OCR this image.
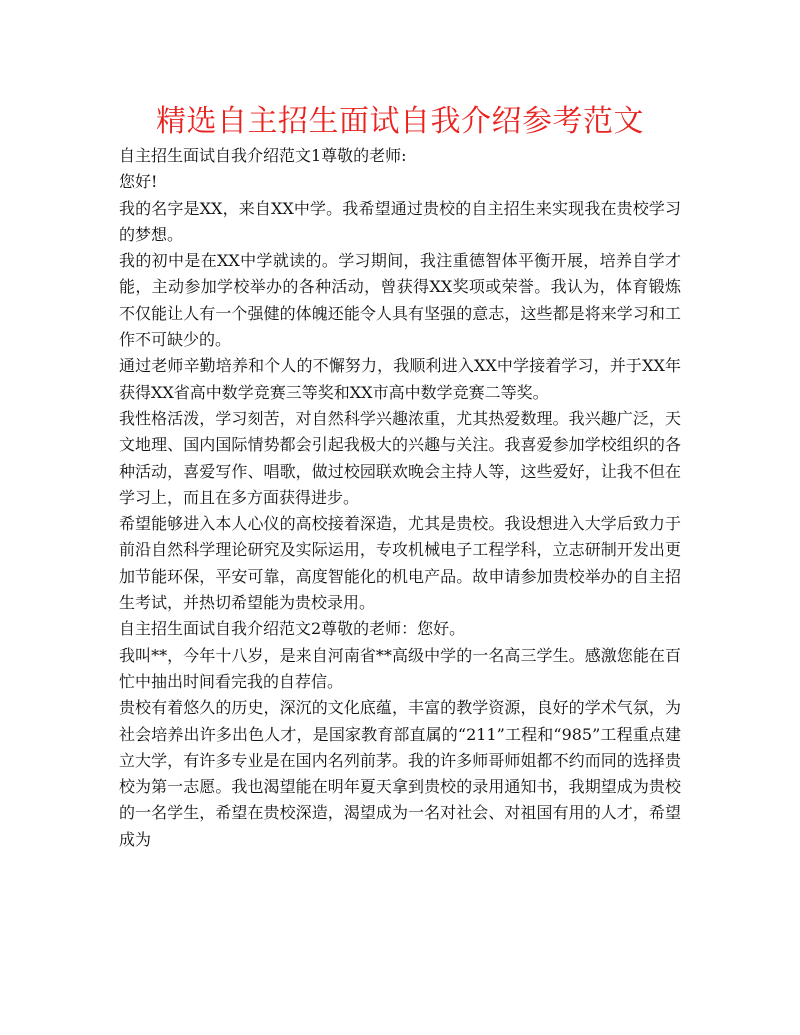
精选自主招生面试自我介绍参考范文

自主招生面试自我介绍范文1尊敬的老师:

您好!

我的名字是XX，来自XX中学。我希望通过贵校的自主招生来实现我在贵校学习的梦想。

我的初中是在XX中学就读的。学习期间，我注重德智体平衡开展，培养自学才能，主动参加学校举办的各种活动，曾获得XX奖项或荣誉。我认为，体育锻炼不仅能让人有一个强健的体魄还能令人具有坚强的意志，这些都是将来学习和工作不可缺少的。

通过老师辛勤培养和个人的不懈努力，我顺利进入XX中学接着学习，并于XX年获得XX省高中数学竞赛三等奖和XX市高中数学竞赛二等奖。

我性格活泼，学习刻苦，对自然科学兴趣浓重，尤其热爱数理。我兴趣广泛，天文地理、国内国际情势都会引起我极大的兴趣与关注。我喜爱参加学校组织的各种活动，喜爱写作、唱歌，做过校园联欢晚会主持人等，这些爱好，让我不但在学习上，而且在多方面获得进步。

希望能够进入本人心仪的高校接着深造，尤其是贵校。我设想进入大学后致力于前沿自然科学理论研究及实际运用，专攻机械电子工程学科，立志研制开发出更加节能环保，平安可靠，高度智能化的机电产品。故申请参加贵校举办的自主招生考试，并热切希望能为贵校录用。

自主招生面试自我介绍范文2尊敬的老师：您好。

我叫**，今年十八岁，是来自河南省**高级中学的一名高三学生。感激您能在百忙中抽出时间看完我的自荐信。

贵校有着悠久的历史，深沉的文化底蕴，丰富的教学资源，良好的学术气氛，为社会培养出许多出色人才，是国家教育部直属的“211”工程和“985”工程重点建立大学，有许多专业是在国内名列前茅。我的许多师哥师姐都不约而同的选择贵校为第一志愿。我也渴望能在明年夏天拿到贵校的录用通知书，我期望成为贵校的一名学生，希望在贵校深造，渴望成为一名对社会、对祖国有用的人才，希望成为
